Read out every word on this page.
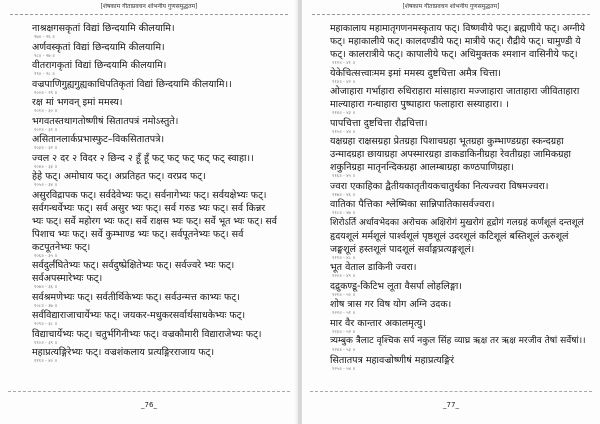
[शेषकाम गीताप्रवचन शोभनीय गुणसमुद्धतम]
नाश्रक्षगसकृतां विद्यां छिन्दयामि कीलयामि।
९७॥ - २६ ॥
अर्णवस्कृतां विद्यां छिन्दयामि कीलयामि।
९८॥ - २७ ॥
वीतरागकृतां विद्यां छिन्दयामि कीलयामि।
९९॥ - २८ ॥
वज्रपाणिगुह्यगुह्यकाधिपतिकृतां विद्यां छिन्दयामि कीलयामि।।
१००॥ - २९ ॥
रक्ष मां भगवन् इमां ममस्य।
१०१॥ - ३० ॥
भगवतस्तथागतोष्णीषं सितातपत्रं नमोऽस्तुते।
१०२॥ - ३१ ॥
असितानलार्कप्रभास्फुट–विकसितातपत्रे।
१०३॥ - ३२ ॥
ज्वल २ दर २ विदर २ छिन्द २ हूँ हूँ फट् फट् फट् फट् फट् स्वाहा।।
१०४॥ - ३३ ॥
हेहे फट्। अमोघाय फट्। अप्रतिहत फट्। वरप्रद फट्।
१०५॥ - ३४ ॥
असुरविद्रापक फट्। सर्वदेवेभ्यः फट्। सर्वनागेभ्यः फट्। सर्वयक्षेभ्यः फट्।
सर्वगन्धर्वेभ्यः फट्। सर्व असुर भ्यः फट्। सर्व गरुड भ्यः फट्। सर्व किन्नर
भ्यः फट्। सर्वे महोरग भ्यः फट्। सर्वे राक्षस भ्यः फट्। सर्वे भूत भ्यः फट्। सर्व
पिशाच भ्यः फट्। सर्वे कुम्भाण्ड भ्यः फट्। सर्वपूतनेभ्यः फट्। सर्व
कटपूतनेभ्यः फट्।
१०६॥ - ३५ ॥
सर्वदुर्लंघितेभ्यः फट्। सर्वदुष्प्रेक्षितेभ्यः फट्। सर्वज्वरे भ्यः फट्।
सर्वअपस्मारेभ्यः फट्।
१०७॥ - ३६ ॥
सर्वश्रमणेभ्यः फट्। सर्वतीर्थिकेभ्यः फट्। सर्वउन्मत्त काभ्यः फट्।
१०८॥ - ३७ ॥
सर्वविद्याराजाचार्येभ्यः फट्। जयकर-मधुकरसर्वार्थसाधकेभ्यः फट्।
१०९॥ - ३८ ॥
विद्याचार्येभ्यः फट्। चतुर्भगिनीभ्यः फट्। वज्रकौमारी विद्याराजेभ्यः फट्।
११०॥ - ३९ ॥
महाप्रत्यङ्गिरेभ्यः फट्। वज्रशंकलाय प्रत्यङ्गिरराजाय फट्।
१११॥ - ४० ॥
_76_
[शेषकाम गीताप्रवचन शोभनीय गुणसमुद्धतम]
महाकालाय महामातृगणनमस्कृताय फट्। विष्णवीये फट्। ब्रह्मणीये फट्। अग्नीये
फट्। महाकालीये फट्। कालदण्डीये फट्। मात्रीये फट्। रौद्रीये फट्। चामुण्डी ये
फट्। कालरात्रीये फट्। कापालीये फट्। अधिमुक्तक श्मशान वासिनीये फट्।
११२॥ - ४१ ॥
येकेचित्सत्त्वाःमम इमां ममस्य दुष्टचित्ता अमैत्र चित्ता।
११३॥ - ४२ ॥
ओजाहारा गर्भाहारा रुधिराहारा मांसाहारा मज्जाहारा जाताहारा जीविताहारा
माल्याहारा गन्धाहारा पुष्पाहारा फलाहारा सस्याहारा। ।
११४॥ - ४३ ॥
पापचित्ता दुष्टचित्ता रौद्रचित्ता।
११५॥ - ४४ ॥
यक्षग्रहा राक्षसग्रहा प्रेतग्रहा पिशाचग्रहा भूतग्रहा कुम्भाण्डग्रहा स्कन्दग्रहा
उन्मादग्रहा छायाग्रहा अपस्मारग्रहा डाकडाकिनीग्रहा रेवतीग्रहा जामिकग्रहा
शकुनिग्रहा मातृनन्दिकग्रहा आलम्बाग्रहा कण्ठपाणिग्रहा।
११६॥ - ४५ ॥
ज्वरा एकाहिका द्वैतीयकातृतीयकचातुर्थका नित्यज्वरा विषमज्वरा।
११७॥ - ४६ ॥
वातिका पैत्तिका श्लेष्मिका सान्निपातिकासर्वज्वरा।
११८॥ - ४७ ॥
शिरोऽर्ति अर्धावभेदका अरोचक अक्षिरोगं मुखरोगं हृद्रोगं गलग्रहं कर्णशूलं दन्तशूलं
हृदयशूलं मर्मशूलं पार्श्वशूलं पृष्ठशूलं उदरशूलं कटिशूलं बस्तिशूलं ऊरुशूलं
जङ्घशूलं हस्तशूलं पादशूलं सर्वाङ्गप्रत्यङ्गशूलं।
११९॥ - ४८ ॥
भूत वेताल डाकिनी ज्वरा।
१२०॥ - ४९ ॥
दद्रुकण्डू-किटिभ लूता वैसर्पा लोहलिङ्गा।
१२१॥ - ५० ॥
शोष त्रास गर विष योग अग्नि उदक।
१२२॥ - ५१ ॥
मार वैर कान्तार अकालमृत्यु।
१२३॥ - ५२ ॥
त्र्यम्बुक त्रैलाट वृश्चिक सर्प नकुल सिंह व्याघ्र ऋक्ष तर ऋक्ष मरजीव तेषां सर्वेषां।।
१२४॥ - ५३ ॥
सितातपत्र महावज्रोष्णीषं महाप्रत्यङ्गिरं
१२५॥ - ५४ ॥
_77_
